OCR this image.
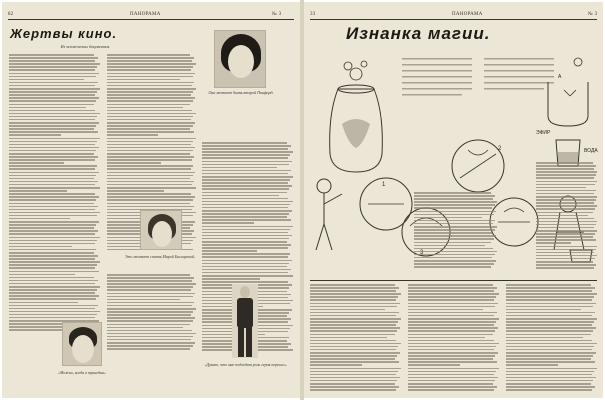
82	ПАНОРАМА	№ 3
Жертвы кино.
Из человеческих документов
Она мечтает быть второй Пикфорд.
Это мечтает стать Марой Бисхарской.
«Можно, когда в трагедии»
«Думаю, что мне подходит роль героя первого».
33	ПАНОРАМА	№ 3
Изнанка магии.
ЭФИР
ВОДА
А
1
2
